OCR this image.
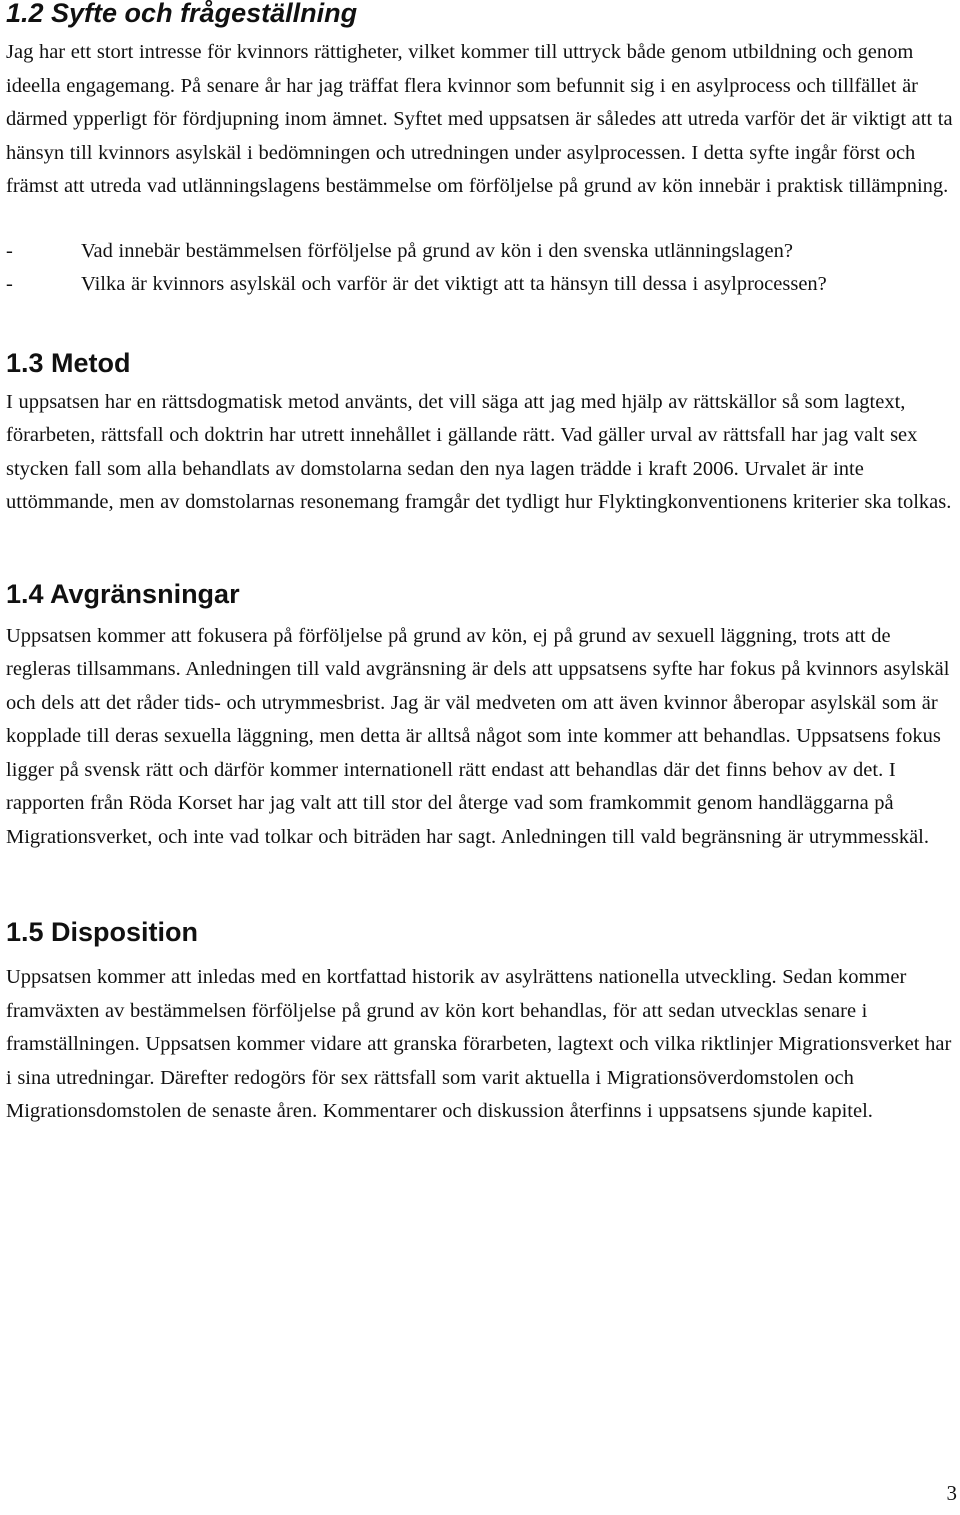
1.2 Syfte och frågeställning

Jag har ett stort intresse för kvinnors rättigheter, vilket kommer till uttryck både genom utbildning och genom ideella engagemang. På senare år har jag träffat flera kvinnor som befunnit sig i en asylprocess och tillfället är därmed ypperligt för fördjupning inom ämnet. Syftet med uppsatsen är således att utreda varför det är viktigt att ta hänsyn till kvinnors asylskäl i bedömningen och utredningen under asylprocessen. I detta syfte ingår först och främst att utreda vad utlänningslagens bestämmelse om förföljelse på grund av kön innebär i praktisk tillämpning.

-	Vad innebär bestämmelsen förföljelse på grund av kön i den svenska utlänningslagen?
-	Vilka är kvinnors asylskäl och varför är det viktigt att ta hänsyn till dessa i asylprocessen?
1.3 Metod

I uppsatsen har en rättsdogmatisk metod använts, det vill säga att jag med hjälp av rättskällor så som lagtext, förarbeten, rättsfall och doktrin har utrett innehållet i gällande rätt. Vad gäller urval av rättsfall har jag valt sex stycken fall som alla behandlats av domstolarna sedan den nya lagen trädde i kraft 2006. Urvalet är inte uttömmande, men av domstolarnas resonemang framgår det tydligt hur Flyktingkonventionens kriterier ska tolkas.

1.4 Avgränsningar

Uppsatsen kommer att fokusera på förföljelse på grund av kön, ej på grund av sexuell läggning, trots att de regleras tillsammans. Anledningen till vald avgränsning är dels att uppsatsens syfte har fokus på kvinnors asylskäl och dels att det råder tids- och utrymmesbrist. Jag är väl medveten om att även kvinnor åberopar asylskäl som är kopplade till deras sexuella läggning, men detta är alltså något som inte kommer att behandlas. Uppsatsens fokus ligger på svensk rätt och därför kommer internationell rätt endast att behandlas där det finns behov av det. I rapporten från Röda Korset har jag valt att till stor del återge vad som framkommit genom handläggarna på Migrationsverket, och inte vad tolkar och biträden har sagt. Anledningen till vald begränsning är utrymmesskäl.

1.5 Disposition

Uppsatsen kommer att inledas med en kortfattad historik av asylrättens nationella utveckling. Sedan kommer framväxten av bestämmelsen förföljelse på grund av kön kort behandlas, för att sedan utvecklas senare i framställningen. Uppsatsen kommer vidare att granska förarbeten, lagtext och vilka riktlinjer Migrationsverket har i sina utredningar. Därefter redogörs för sex rättsfall som varit aktuella i Migrationsöverdomstolen och Migrationsdomstolen de senaste åren. Kommentarer och diskussion återfinns i uppsatsens sjunde kapitel.

3
